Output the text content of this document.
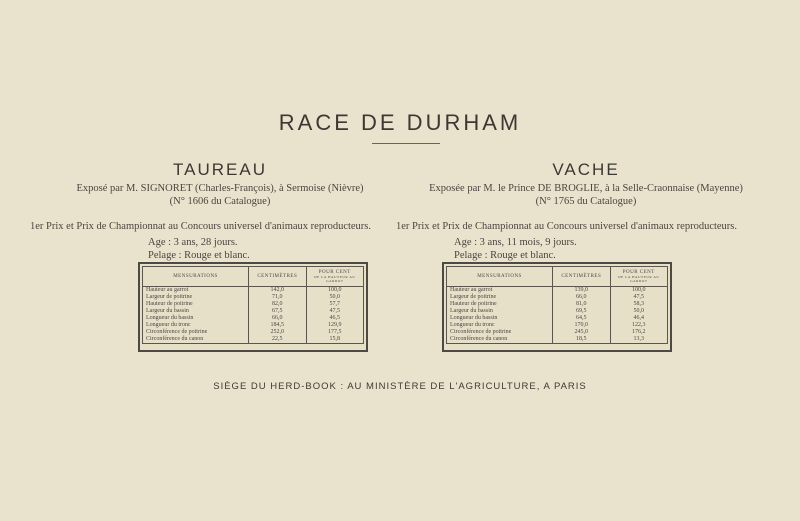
RACE DE DURHAM
TAUREAU
Exposé par M. SIGNORET (Charles-François), à Sermoise (Nièvre)
(N° 1606 du Catalogue)
1er Prix et Prix de Championnat au Concours universel d'animaux reproducteurs.
Age : 3 ans, 28 jours.
Pelage : Rouge et blanc.
VACHE
Exposée par M. le Prince DE BROGLIE, à la Selle-Craonnaise (Mayenne)
(N° 1765 du Catalogue)
1er Prix et Prix de Championnat au Concours universel d'animaux reproducteurs.
Age : 3 ans, 11 mois, 9 jours.
Pelage : Rouge et blanc.
MENSURATIONS	CENTIMÈTRES	POUR CENT
DE LA HAUTEUR AU GARROT

Hauteur au garrot	142,0	100,0
Largeur de poitrine	71,0	50,0
Hauteur de poitrine	82,0	57,7
Largeur du bassin	67,5	47,5
Longueur du bassin	66,0	46,5
Longueur du tronc	184,5	129,9
Circonférence de poitrine	252,0	177,5
Circonférence du canon	22,5	15,8
MENSURATIONS	CENTIMÈTRES	POUR CENT
DE LA HAUTEUR AU GARROT

Hauteur au garrot	139,0	100,0
Largeur de poitrine	66,0	47,5
Hauteur de poitrine	81,0	58,3
Largeur du bassin	69,5	50,0
Longueur du bassin	64,5	46,4
Longueur du tronc	170,0	122,3
Circonférence de poitrine	245,0	176,2
Circonférence du canon	18,5	13,3
SIÈGE DU HERD-BOOK : AU MINISTÈRE DE L'AGRICULTURE, A PARIS
